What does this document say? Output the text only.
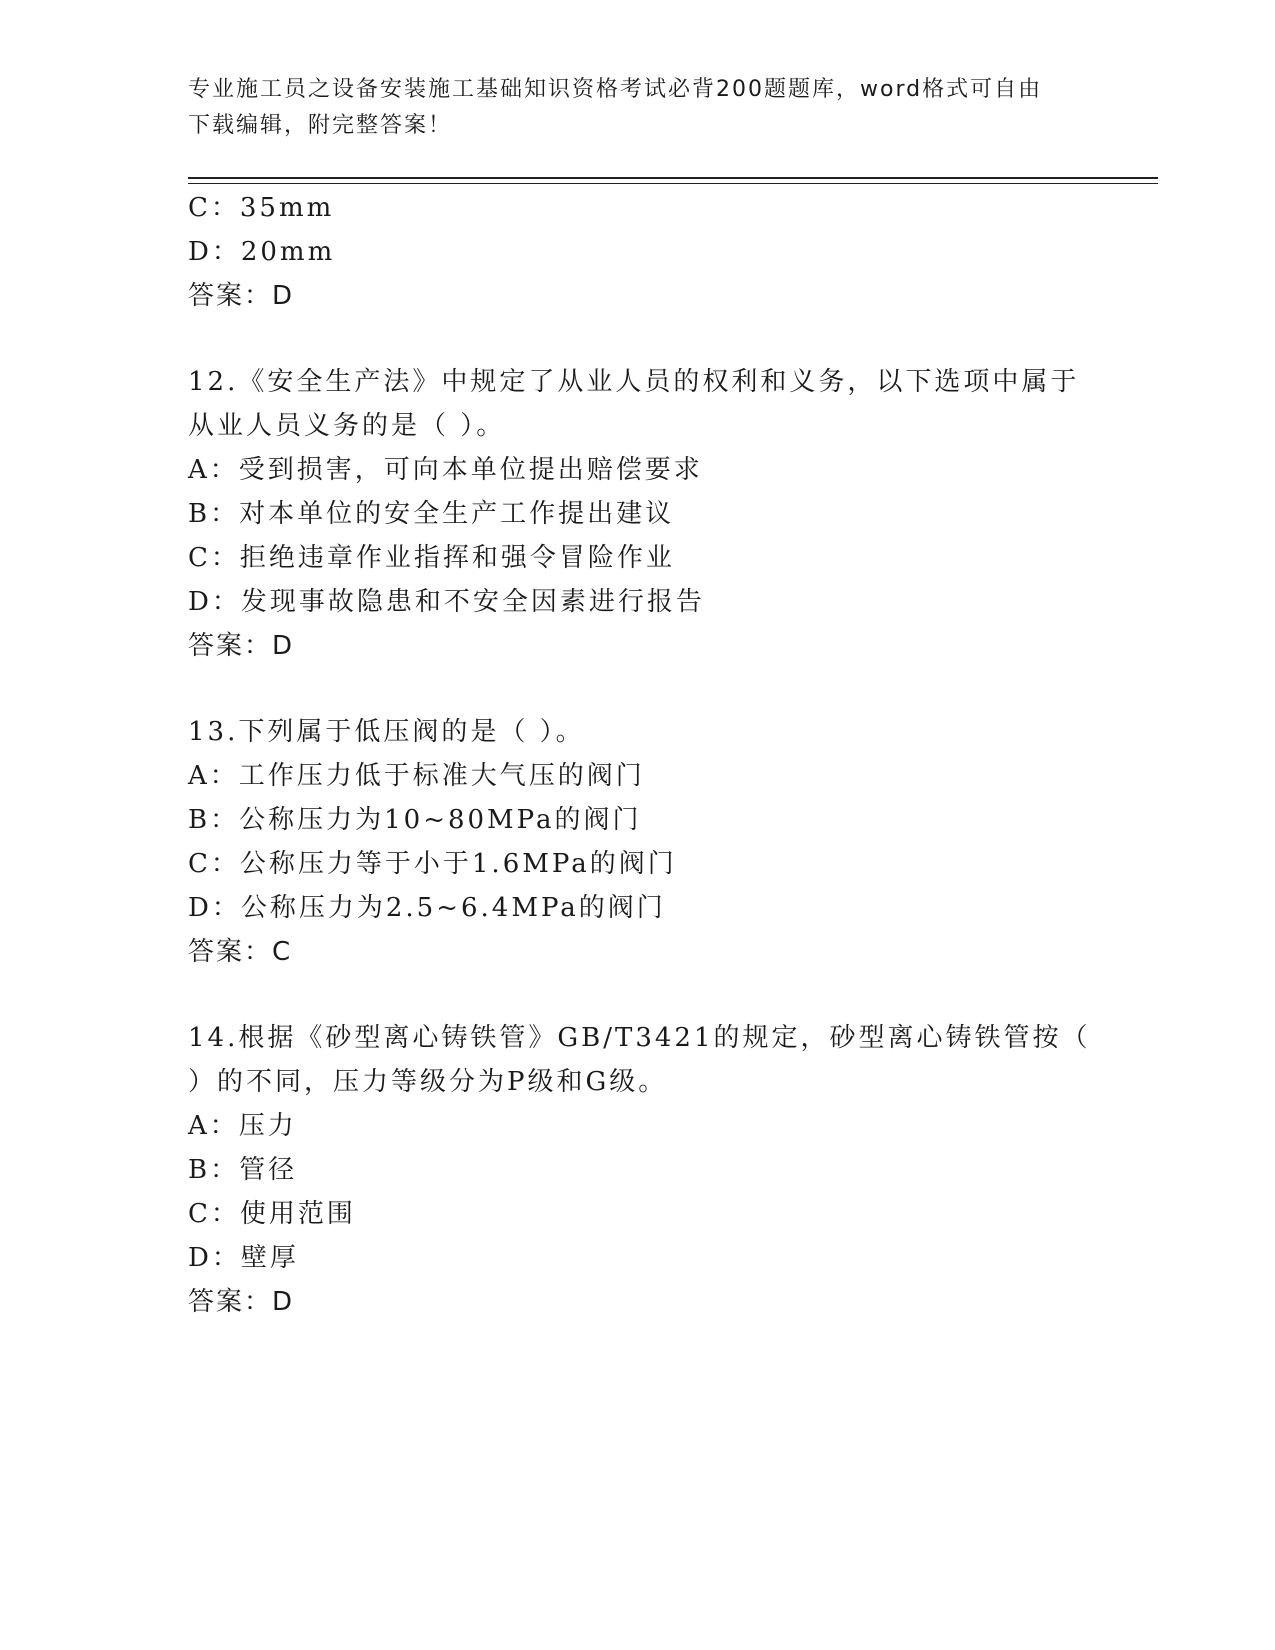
专业施工员之设备安装施工基础知识资格考试必背200题题库，word格式可自由
下载编辑，附完整答案！
C：35mm
D：20mm
答案：D
12.《安全生产法》中规定了从业人员的权利和义务，以下选项中属于
从业人员义务的是（ ）。
A：受到损害，可向本单位提出赔偿要求
B：对本单位的安全生产工作提出建议
C：拒绝违章作业指挥和强令冒险作业
D：发现事故隐患和不安全因素进行报告
答案：D
13.下列属于低压阀的是（ ）。
A：工作压力低于标准大气压的阀门
B：公称压力为10~80MPa的阀门
C：公称压力等于小于1.6MPa的阀门
D：公称压力为2.5~6.4MPa的阀门
答案：C
14.根据《砂型离心铸铁管》GB/T3421的规定，砂型离心铸铁管按（
）的不同，压力等级分为P级和G级。
A：压力
B：管径
C：使用范围
D：壁厚
答案：D
